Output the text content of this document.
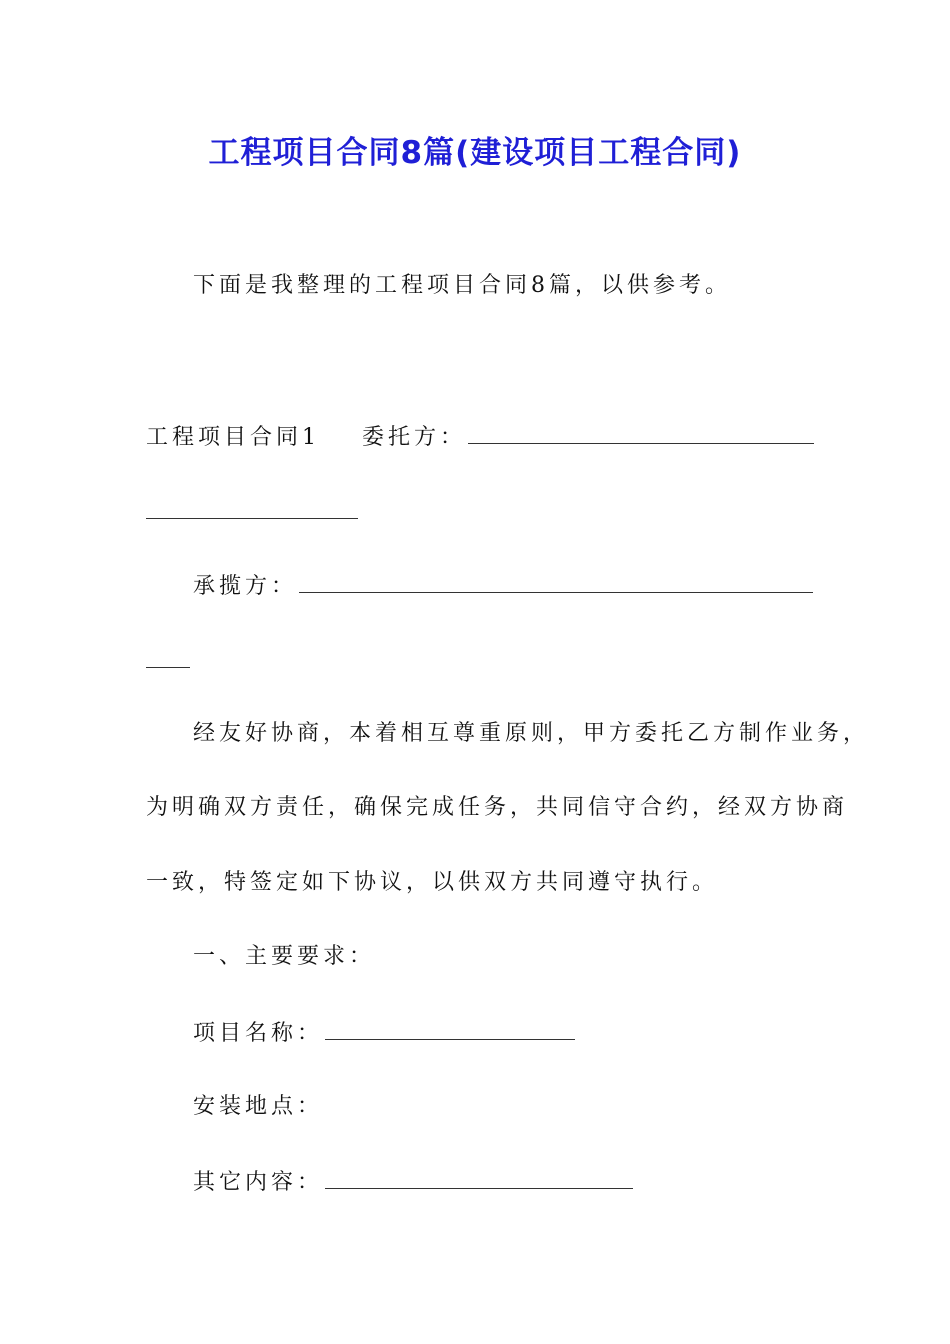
工程项目合同8篇(建设项目工程合同)
下面是我整理的工程项目合同8篇，以供参考。
工程项目合同1 委托方：
承揽方：
经友好协商，本着相互尊重原则，甲方委托乙方制作业务，
为明确双方责任，确保完成任务，共同信守合约，经双方协商
一致，特签定如下协议，以供双方共同遵守执行。
一、主要要求：
项目名称：
安装地点：
其它内容：
